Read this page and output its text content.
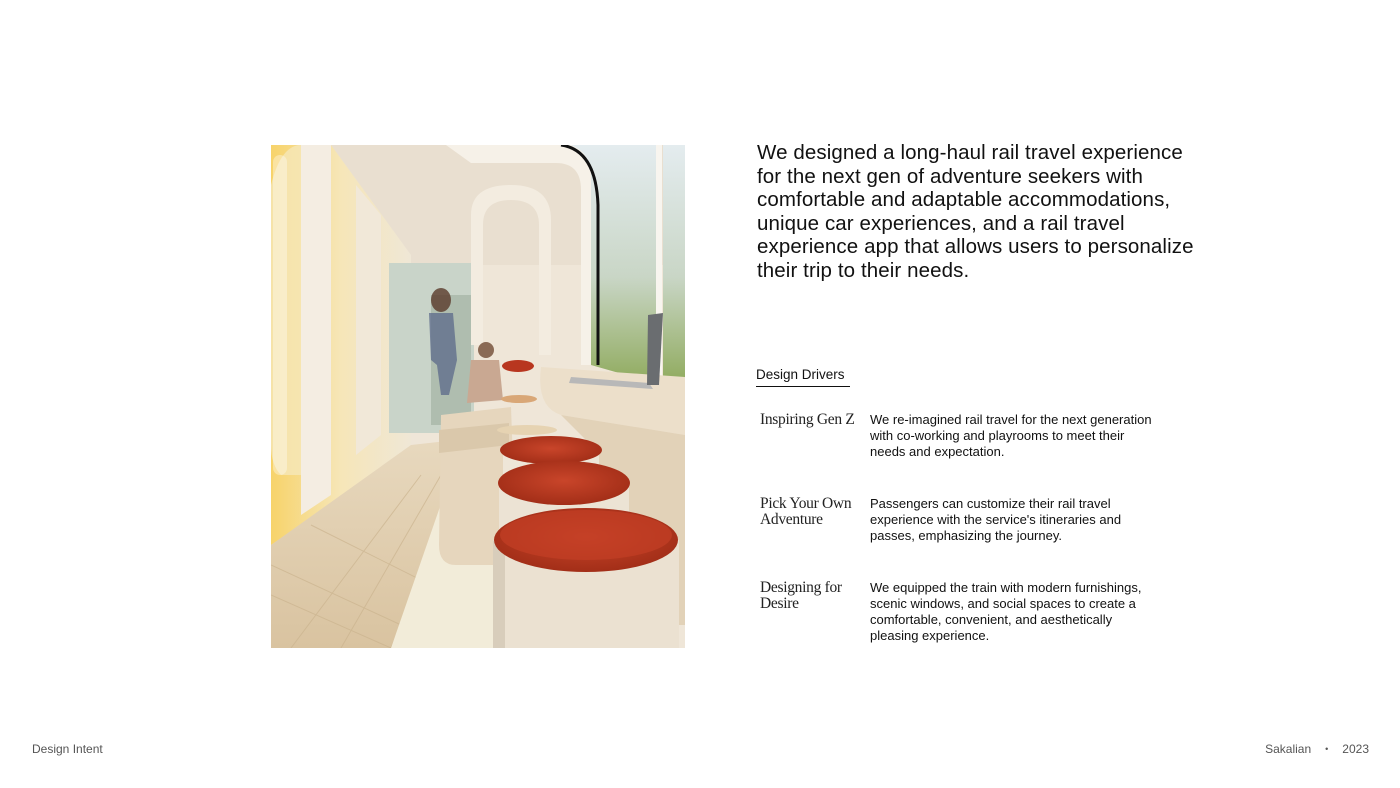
We designed a long-haul rail travel experience for the next gen of adventure seekers with comfortable and adaptable accommodations, unique car experiences, and a rail travel experience app that allows users to personalize their trip to their needs.

Design Drivers
Inspiring Gen Z	We re-imagined rail travel for the next generation with co-working and playrooms to meet their needs and expectation.
Pick Your Own Adventure
Passengers can customize their rail travel experience with the service's itineraries and passes, emphasizing the journey.
Designing for Desire
We equipped the train with modern furnishings, scenic windows, and social spaces to create a comfortable, convenient, and aesthetically pleasing experience.
Design Intent	Sakalian • 2023
